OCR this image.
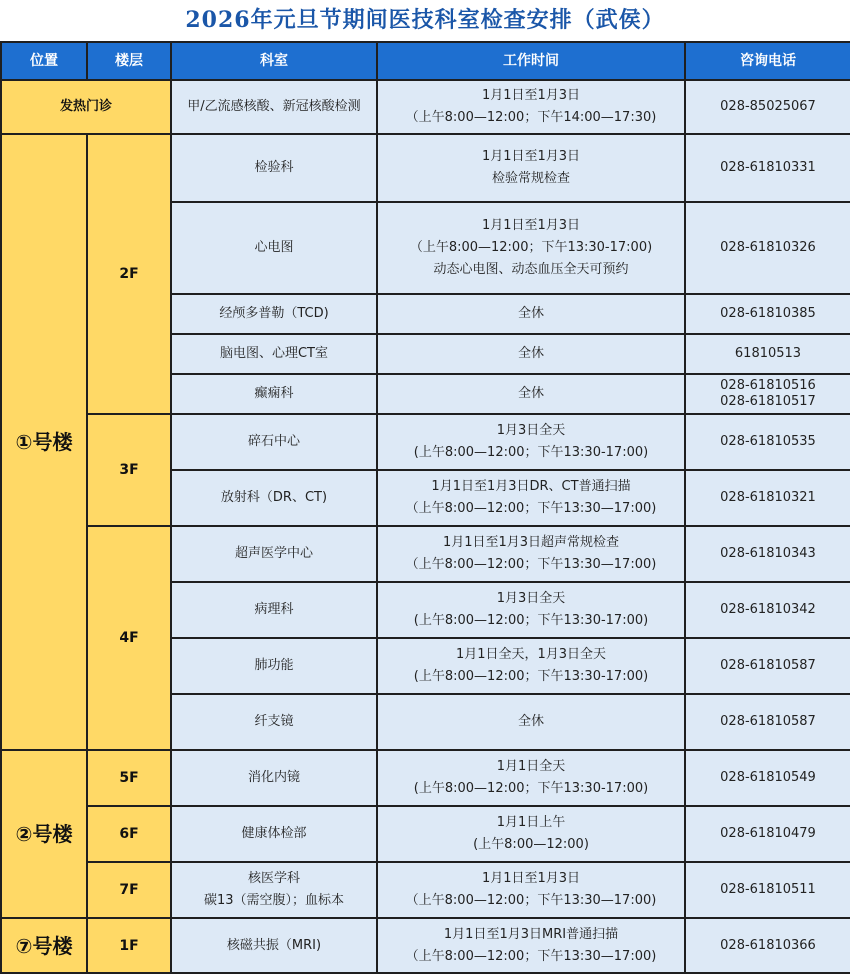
2026年元旦节期间医技科室检查安排（武侯）
位置	楼层	科室	工作时间	咨询电话
发热门诊		甲/乙流感核酸、新冠核酸检测	1月1日至1月3日
（上午8:00—12:00；下午14:00—17:30)	028-85025067
①号楼	2F	检验科	1月1日至1月3日
检验常规检查	028-61810331
		心电图	1月1日至1月3日
（上午8:00—12:00；下午13:30-17:00)
动态心电图、动态血压全天可预约	028-61810326
		经颅多普勒（TCD)	全休	028-61810385
		脑电图、心理CT室	全休	61810513
		癫痫科	全休	028-61810516
028-61810517

	3F	碎石中心	1月3日全天
(上午8:00—12:00；下午13:30-17:00)	028-61810535
		放射科（DR、CT)	1月1日至1月3日DR、CT普通扫描
（上午8:00—12:00；下午13:30—17:00)	028-61810321
	4F	超声医学中心	1月1日至1月3日超声常规检查
（上午8:00—12:00；下午13:30—17:00)	028-61810343
		病理科	1月3日全天
(上午8:00—12:00；下午13:30-17:00)	028-61810342
		肺功能	1月1日全天，1月3日全天
(上午8:00—12:00；下午13:30-17:00)	028-61810587
		纤支镜	全休	028-61810587
②号楼	5F	消化内镜	1月1日全天
(上午8:00—12:00；下午13:30-17:00)	028-61810549
	6F	健康体检部	1月1日上午
(上午8:00—12:00)	028-61810479
	7F	核医学科
碳13（需空腹）；血标本	1月1日至1月3日
（上午8:00—12:00；下午13:30—17:00)	028-61810511
⑦号楼	1F	核磁共振（MRI)	1月1日至1月3日MRI普通扫描
（上午8:00—12:00；下午13:30—17:00)	028-61810366
